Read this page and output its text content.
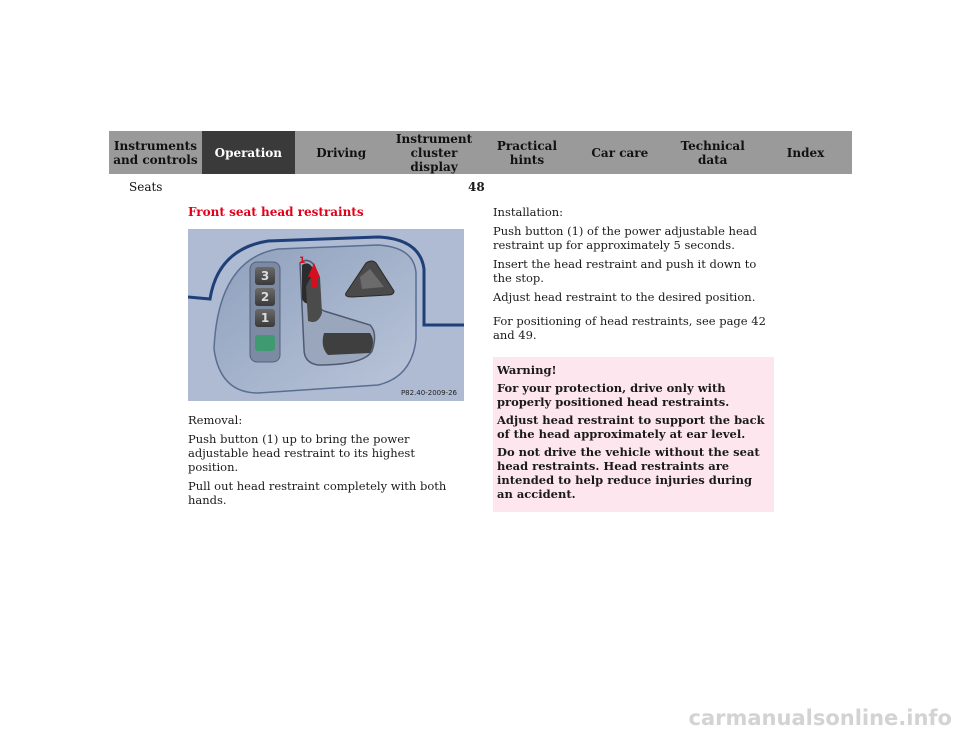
Instruments
and controls	Operation	Driving
Instrument
cluster display
Practical hints	Car care	Technical
data	Index
Seats	48
Front seat head restraints
3
2
1
1
P82.40-2009-26

Removal:

Push button (1) up to bring the power adjustable head restraint to its highest position.

Pull out head restraint completely with both hands.

Installation:

Push button (1) of the power adjustable head restraint up for approximately 5 seconds.

Insert the head restraint and push it down to the stop.

Adjust head restraint to the desired position.

For positioning of head restraints, see page 42 and 49.

Warning!

For your protection, drive only with properly positioned head restraints.

Adjust head restraint to support the back of the head approximately at ear level.

Do not drive the vehicle without the seat head restraints. Head restraints are intended to help reduce injuries during an accident.

carmanualsonline.info
